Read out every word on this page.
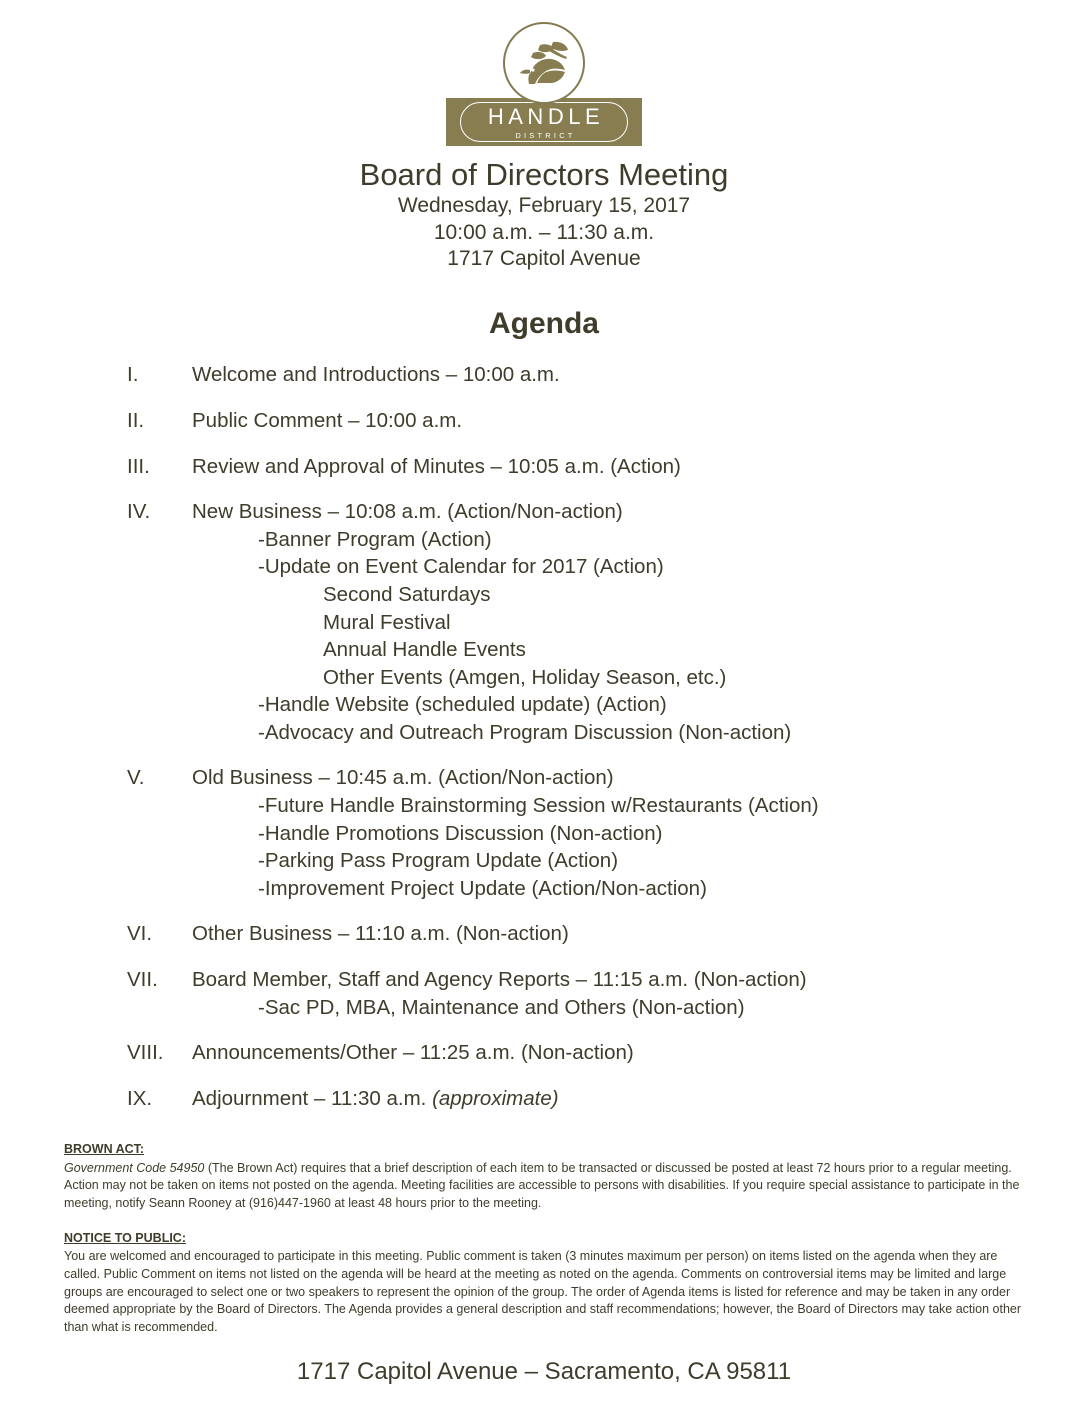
HANDLE
DISTRICT
Board of Directors Meeting
Wednesday, February 15, 2017
10:00 a.m. – 11:30 a.m.
1717 Capitol Avenue
Agenda
I.	Welcome and Introductions – 10:00 a.m.
II.	Public Comment – 10:00 a.m.
III.	Review and Approval of Minutes – 10:05 a.m. (Action)
IV.	New Business – 10:08 a.m. (Action/Non-action)
-Banner Program (Action)
-Update on Event Calendar for 2017 (Action)
Second Saturdays
Mural Festival
Annual Handle Events
Other Events (Amgen, Holiday Season, etc.)
-Handle Website (scheduled update) (Action)
-Advocacy and Outreach Program Discussion (Non-action)
V.	Old Business – 10:45 a.m. (Action/Non-action)
-Future Handle Brainstorming Session w/Restaurants (Action)
-Handle Promotions Discussion (Non-action)
-Parking Pass Program Update (Action)
-Improvement Project Update (Action/Non-action)
VI.	Other Business – 11:10 a.m. (Non-action)
VII.	Board Member, Staff and Agency Reports – 11:15 a.m. (Non-action)
-Sac PD, MBA, Maintenance and Others (Non-action)
VIII.	Announcements/Other – 11:25 a.m. (Non-action)
IX.	Adjournment – 11:30 a.m. (approximate)
BROWN ACT:
Government Code 54950 (The Brown Act) requires that a brief description of each item to be transacted or discussed be posted at least 72 hours prior to a regular meeting. Action may not be taken on items not posted on the agenda. Meeting facilities are accessible to persons with disabilities. If you require special assistance to participate in the meeting, notify Seann Rooney at (916)447-1960 at least 48 hours prior to the meeting.
NOTICE TO PUBLIC:
You are welcomed and encouraged to participate in this meeting. Public comment is taken (3 minutes maximum per person) on items listed on the agenda when they are called. Public Comment on items not listed on the agenda will be heard at the meeting as noted on the agenda. Comments on controversial items may be limited and large groups are encouraged to select one or two speakers to represent the opinion of the group. The order of Agenda items is listed for reference and may be taken in any order deemed appropriate by the Board of Directors. The Agenda provides a general description and staff recommendations; however, the Board of Directors may take action other than what is recommended.
1717 Capitol Avenue – Sacramento, CA 95811
